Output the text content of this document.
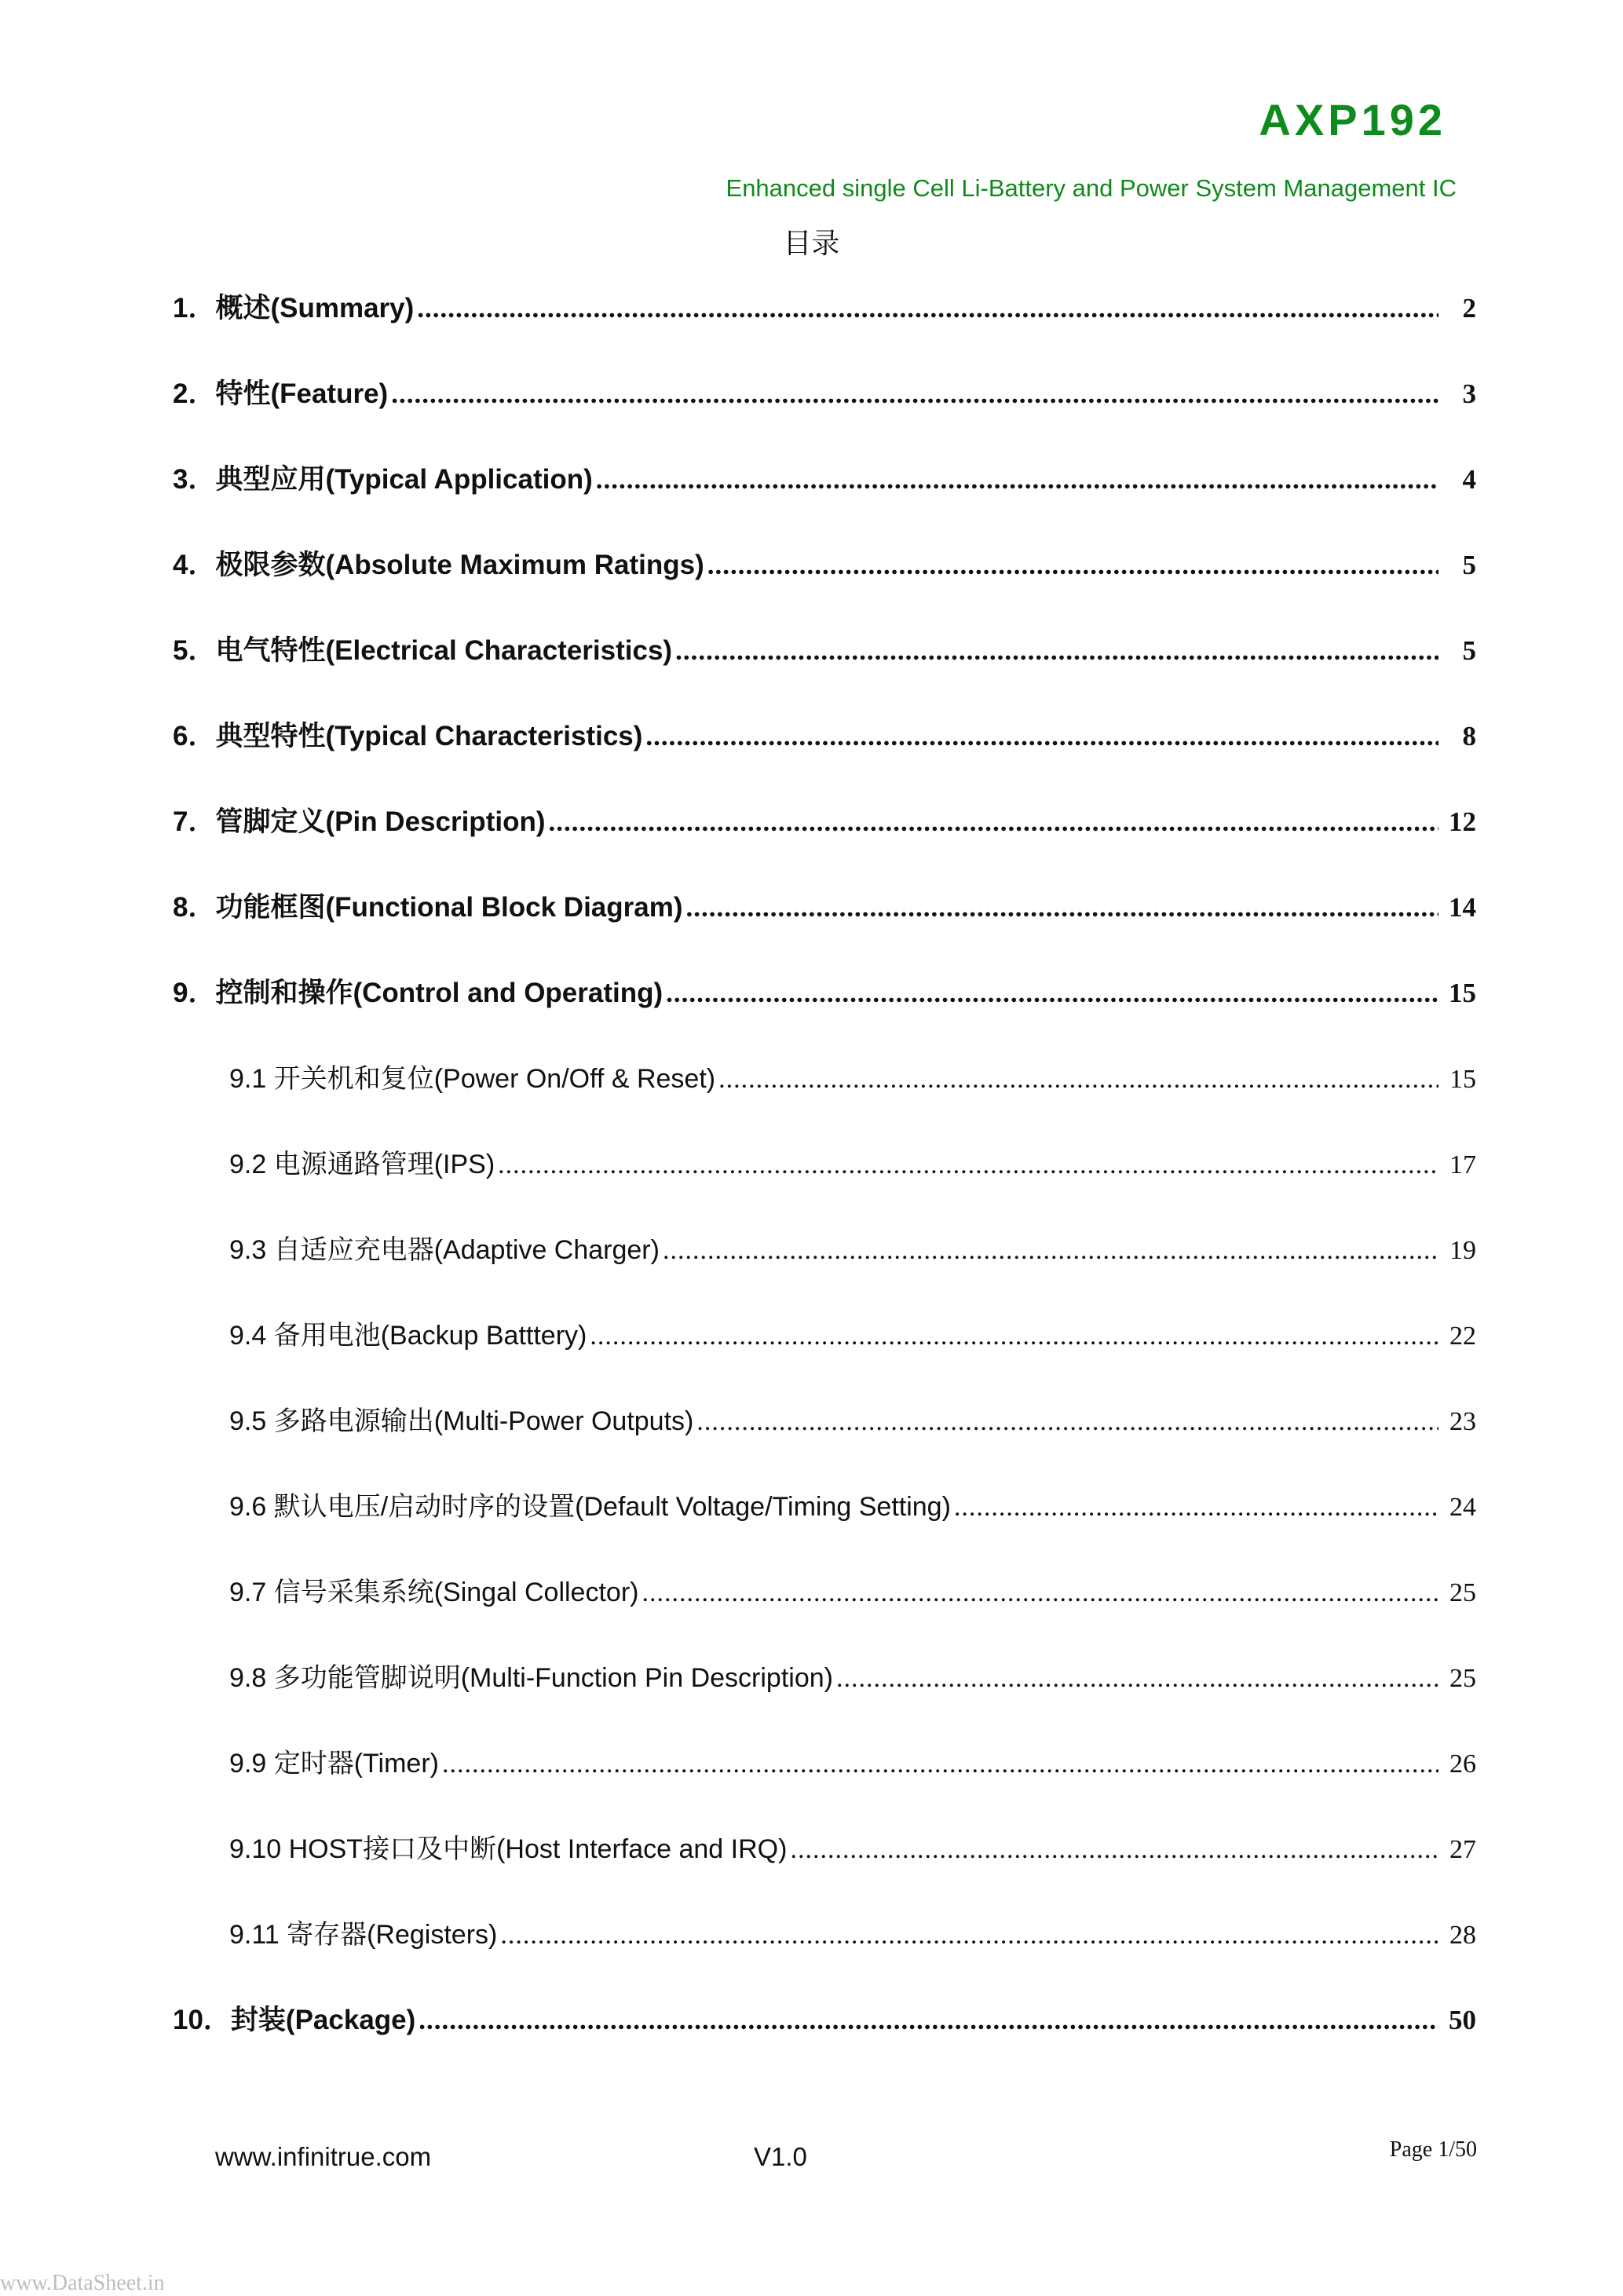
AXP192
Enhanced single Cell Li-Battery and Power System Management IC
目录
1．概述(Summary) .....	2
2．特性(Feature) .....	3
3．典型应用(Typical Application) .....	4
4．极限参数(Absolute Maximum Ratings) .....	5
5．电气特性(Electrical Characteristics) .....	5
6．典型特性(Typical Characteristics) .....	8
7．管脚定义(Pin Description) .....	12
8．功能框图(Functional Block Diagram) .....	14
9．控制和操作(Control and Operating) .....	15
9.1 开关机和复位(Power On/Off & Reset) .....	15
9.2 电源通路管理(IPS) .....	17
9.3 自适应充电器(Adaptive Charger) .....	19
9.4 备用电池(Backup Batttery) .....	22
9.5 多路电源输出(Multi-Power Outputs) .....	23
9.6 默认电压/启动时序的设置(Default Voltage/Timing Setting) .....	24
9.7 信号采集系统(Singal Collector) .....	25
9.8 多功能管脚说明(Multi-Function Pin Description) .....	25
9.9 定时器(Timer) .....	26
9.10 HOST接口及中断(Host Interface and IRQ) .....	27
9.11 寄存器(Registers) .....	28
10．封装(Package) .....	50
www.infinitrue.com	V1.0	Page 1/50
www.DataSheet.in
